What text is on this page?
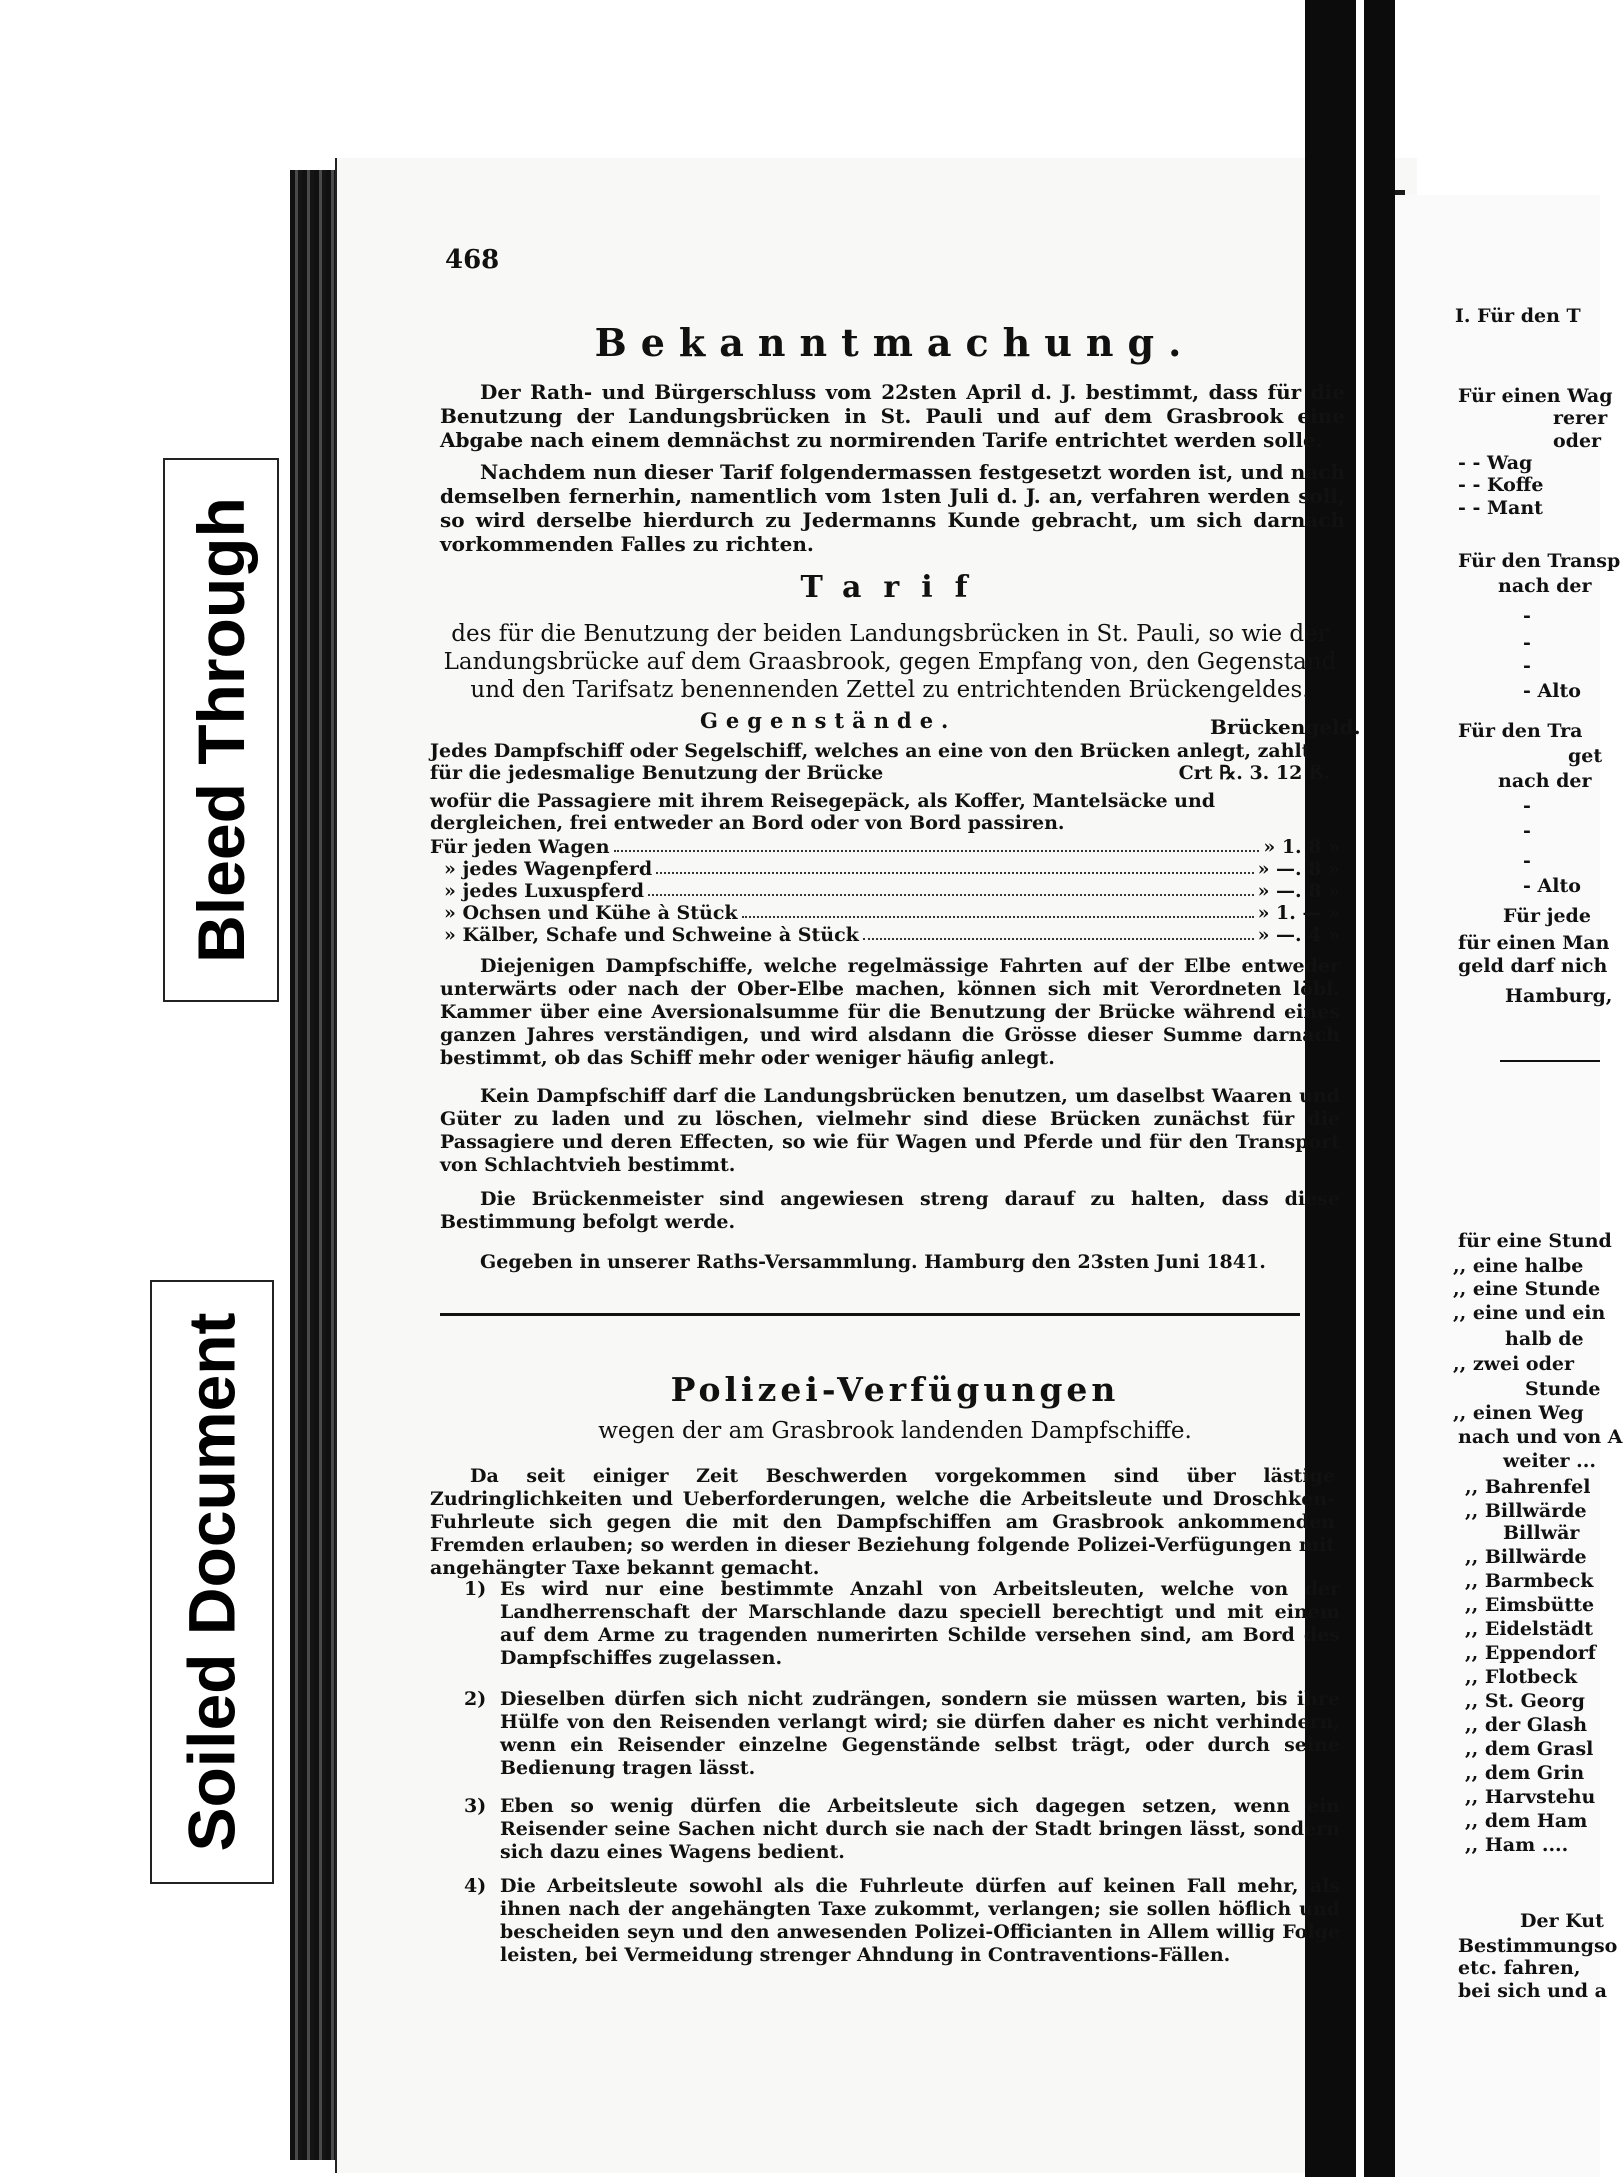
Bleed Through
Soiled Document
468
Bekanntmachung.
Der Rath- und Bürgerschluss vom 22sten April d. J. bestimmt, dass für die Benutzung der Landungsbrücken in St. Pauli und auf dem Grasbrook eine Abgabe nach einem demnächst zu normirenden Tarife entrichtet werden solle.
Nachdem nun dieser Tarif folgendermassen festgesetzt worden ist, und nach demselben fernerhin, namentlich vom 1sten Juli d. J. an, verfahren werden soll, so wird derselbe hierdurch zu Jedermanns Kunde gebracht, um sich darnach vorkommenden Falles zu richten.
Tarif
des für die Benutzung der beiden Landungsbrücken in St. Pauli, so wie der Landungsbrücke auf dem Graasbrook, gegen Empfang von, den Gegenstand und den Tarifsatz benennenden Zettel zu entrichtenden Brückengeldes.
Gegenstände.	Brückengeld.
Jedes Dampfschiff oder Segelschiff, welches an eine von den Brücken anlegt, zahlt für die jedesmalige Benutzung der Brücke	Crt ℞. 3. 12 ß.
wofür die Passagiere mit ihrem Reisegepäck, als Koffer, Mantelsäcke und dergleichen, frei entweder an Bord oder von Bord passiren.
Für jeden Wagen	» 1. 8 »
» jedes Wagenpferd	» —. 8 »
» jedes Luxuspferd	» —. 8 »
» Ochsen und Kühe à Stück	» 1. — »
» Kälber, Schafe und Schweine à Stück	» —. 4 »
Diejenigen Dampfschiffe, welche regelmässige Fahrten auf der Elbe entweder unterwärts oder nach der Ober-Elbe machen, können sich mit Verordneten löbl. Kammer über eine Aversionalsumme für die Benutzung der Brücke während eines ganzen Jahres verständigen, und wird alsdann die Grösse dieser Summe darnach bestimmt, ob das Schiff mehr oder weniger häufig anlegt.
Kein Dampfschiff darf die Landungsbrücken benutzen, um daselbst Waaren und Güter zu laden und zu löschen, vielmehr sind diese Brücken zunächst für die Passagiere und deren Effecten, so wie für Wagen und Pferde und für den Transport von Schlachtvieh bestimmt.
Die Brückenmeister sind angewiesen streng darauf zu halten, dass diese Bestimmung befolgt werde.
Gegeben in unserer Raths-Versammlung. Hamburg den 23sten Juni 1841.
Polizei-Verfügungen
wegen der am Grasbrook landenden Dampfschiffe.
Da seit einiger Zeit Beschwerden vorgekommen sind über lästige Zudringlichkeiten und Ueberforderungen, welche die Arbeitsleute und Droschken-Fuhrleute sich gegen die mit den Dampfschiffen am Grasbrook ankommenden Fremden erlauben; so werden in dieser Beziehung folgende Polizei-Verfügungen mit angehängter Taxe bekannt gemacht.
1) Es wird nur eine bestimmte Anzahl von Arbeitsleuten, welche von der Landherrenschaft der Marschlande dazu speciell berechtigt und mit einem auf dem Arme zu tragenden numerirten Schilde versehen sind, am Bord des Dampfschiffes zugelassen.
2) Dieselben dürfen sich nicht zudrängen, sondern sie müssen warten, bis ihre Hülfe von den Reisenden verlangt wird; sie dürfen daher es nicht verhindern, wenn ein Reisender einzelne Gegenstände selbst trägt, oder durch seine Bedienung tragen lässt.
3) Eben so wenig dürfen die Arbeitsleute sich dagegen setzen, wenn ein Reisender seine Sachen nicht durch sie nach der Stadt bringen lässt, sondern sich dazu eines Wagens bedient.
4) Die Arbeitsleute sowohl als die Fuhrleute dürfen auf keinen Fall mehr, als ihnen nach der angehängten Taxe zukommt, verlangen; sie sollen höflich und bescheiden seyn und den anwesenden Polizei-Officianten in Allem willig Folge leisten, bei Vermeidung strenger Ahndung in Contraventions-Fällen.
I. Für den T
Für einen Wag
rerer
oder
- - Wag
- - Koffe
- - Mant
Für den Transp
nach der
-
-
-
- Alto
Für den Tra
get
nach der
-
-
-
- Alto
Für jede
für einen Man
geld darf nich
Hamburg,
für eine Stund
,, eine halbe
,, eine Stunde
,, eine und ein
halb de
,, zwei oder
Stunde
,, einen Weg
nach und von A
weiter ...
,, Bahrenfel
,, Billwärde
Billwär
,, Billwärde
,, Barmbeck
,, Eimsbütte
,, Eidelstädt
,, Eppendorf
,, Flotbeck
,, St. Georg
,, der Glash
,, dem Grasl
,, dem Grin
,, Harvstehu
,, dem Ham
,, Ham ....
Der Kut
Bestimmungso
etc. fahren,
bei sich und a
